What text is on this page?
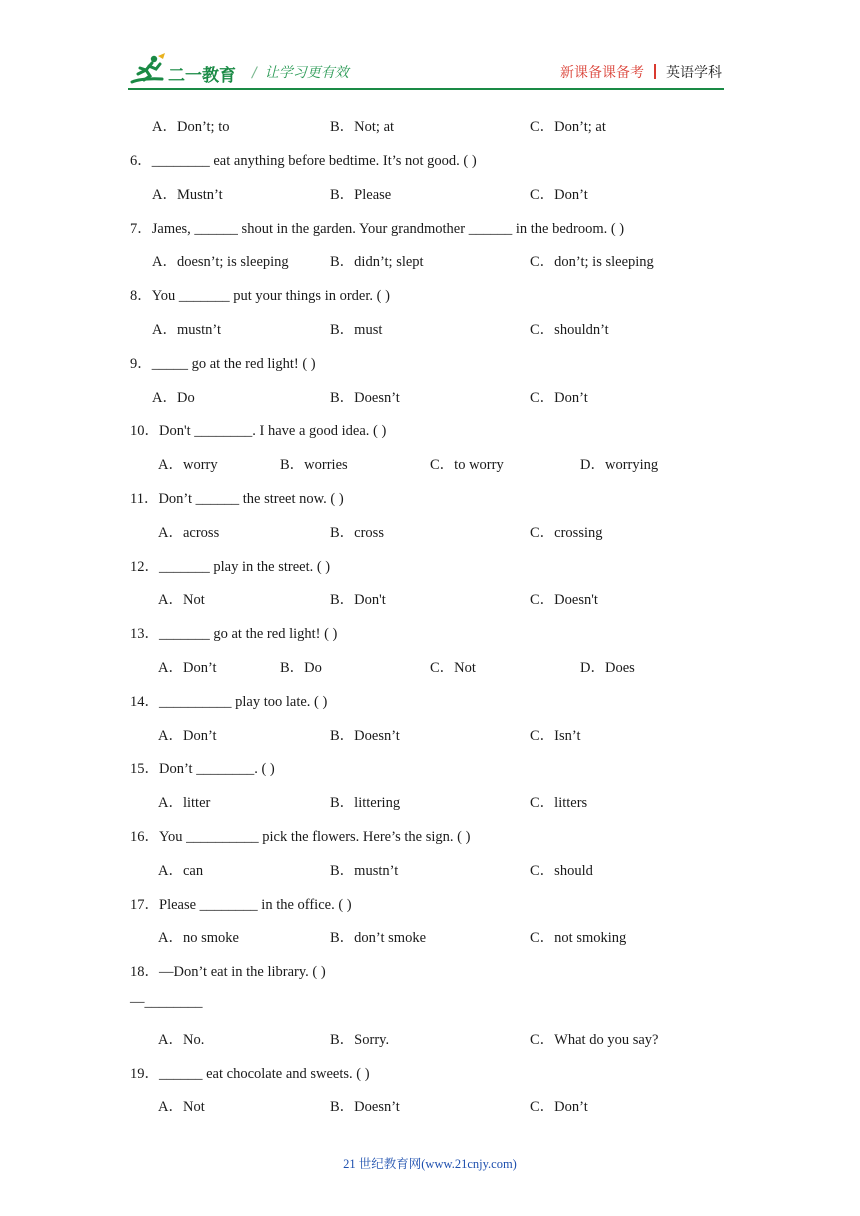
二一教育 / 让学习更有效	新课备课备考 英语学科
A．Don’t; to	B．Not; at	C．Don’t; at
6．________ eat anything before bedtime. It’s not good. ( )
A．Mustn’t	B．Please	C．Don’t
7．James, ______ shout in the garden. Your grandmother ______ in the bedroom. ( )
A．doesn’t; is sleeping	B．didn’t; slept	C．don’t; is sleeping
8．You _______ put your things in order. ( )
A．mustn’t	B．must	C．shouldn’t
9．_____ go at the red light! ( )
A．Do	B．Doesn’t	C．Don’t
10．Don't ________. I have a good idea. ( )
A．worry	B．worries	C．to worry	D．worrying
11．Don’t ______ the street now. ( )
A．across	B．cross	C．crossing
12．_______ play in the street. ( )
A．Not	B．Don't	C．Doesn't
13．_______ go at the red light! ( )
A．Don’t	B．Do	C．Not	D．Does
14．__________ play too late. ( )
A．Don’t	B．Doesn’t	C．Isn’t
15．Don’t ________. ( )
A．litter	B．littering	C．litters
16．You __________ pick the flowers. Here’s the sign. ( )
A．can	B．mustn’t	C．should
17．Please ________ in the office. ( )
A．no smoke	B．don’t smoke	C．not smoking
18．—Don’t eat in the library. ( )
—________
A．No.	B．Sorry.	C．What do you say?
19．______ eat chocolate and sweets. ( )
A．Not	B．Doesn’t	C．Don’t
21 世纪教育网(www.21cnjy.com)
